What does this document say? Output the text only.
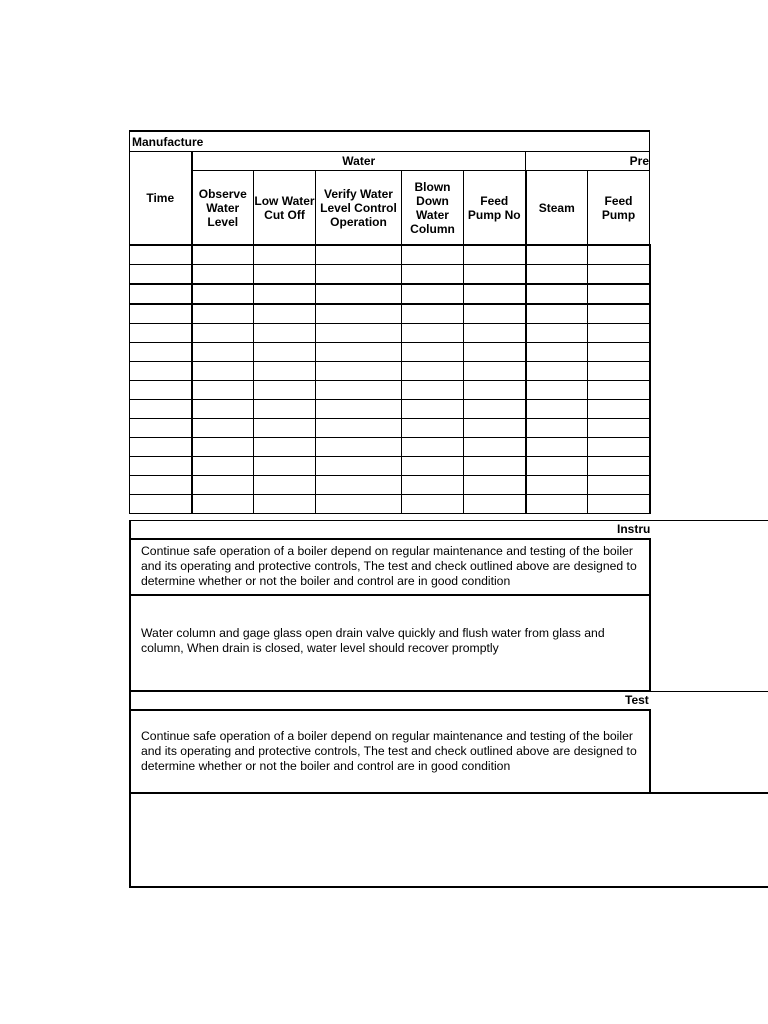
Manufacture							
Time	Water					Pre	
	Observe Water Level	Low Water Cut Off	Verify Water Level Control Operation	Blown Down Water Column	Feed Pump No	Steam	Feed Pump

Instru
Continue safe operation of a boiler depend on regular maintenance and testing of the boiler and its operating and protective controls, The test and check outlined above are designed to determine whether or not the boiler and control are in good condition
Water column and gage glass open drain valve quickly and flush water from glass and column, When drain is closed, water level should recover promptly
Test
Continue safe operation of a boiler depend on regular maintenance and testing of the boiler and its operating and protective controls, The test and check outlined above are designed to determine whether or not the boiler and control are in good condition
